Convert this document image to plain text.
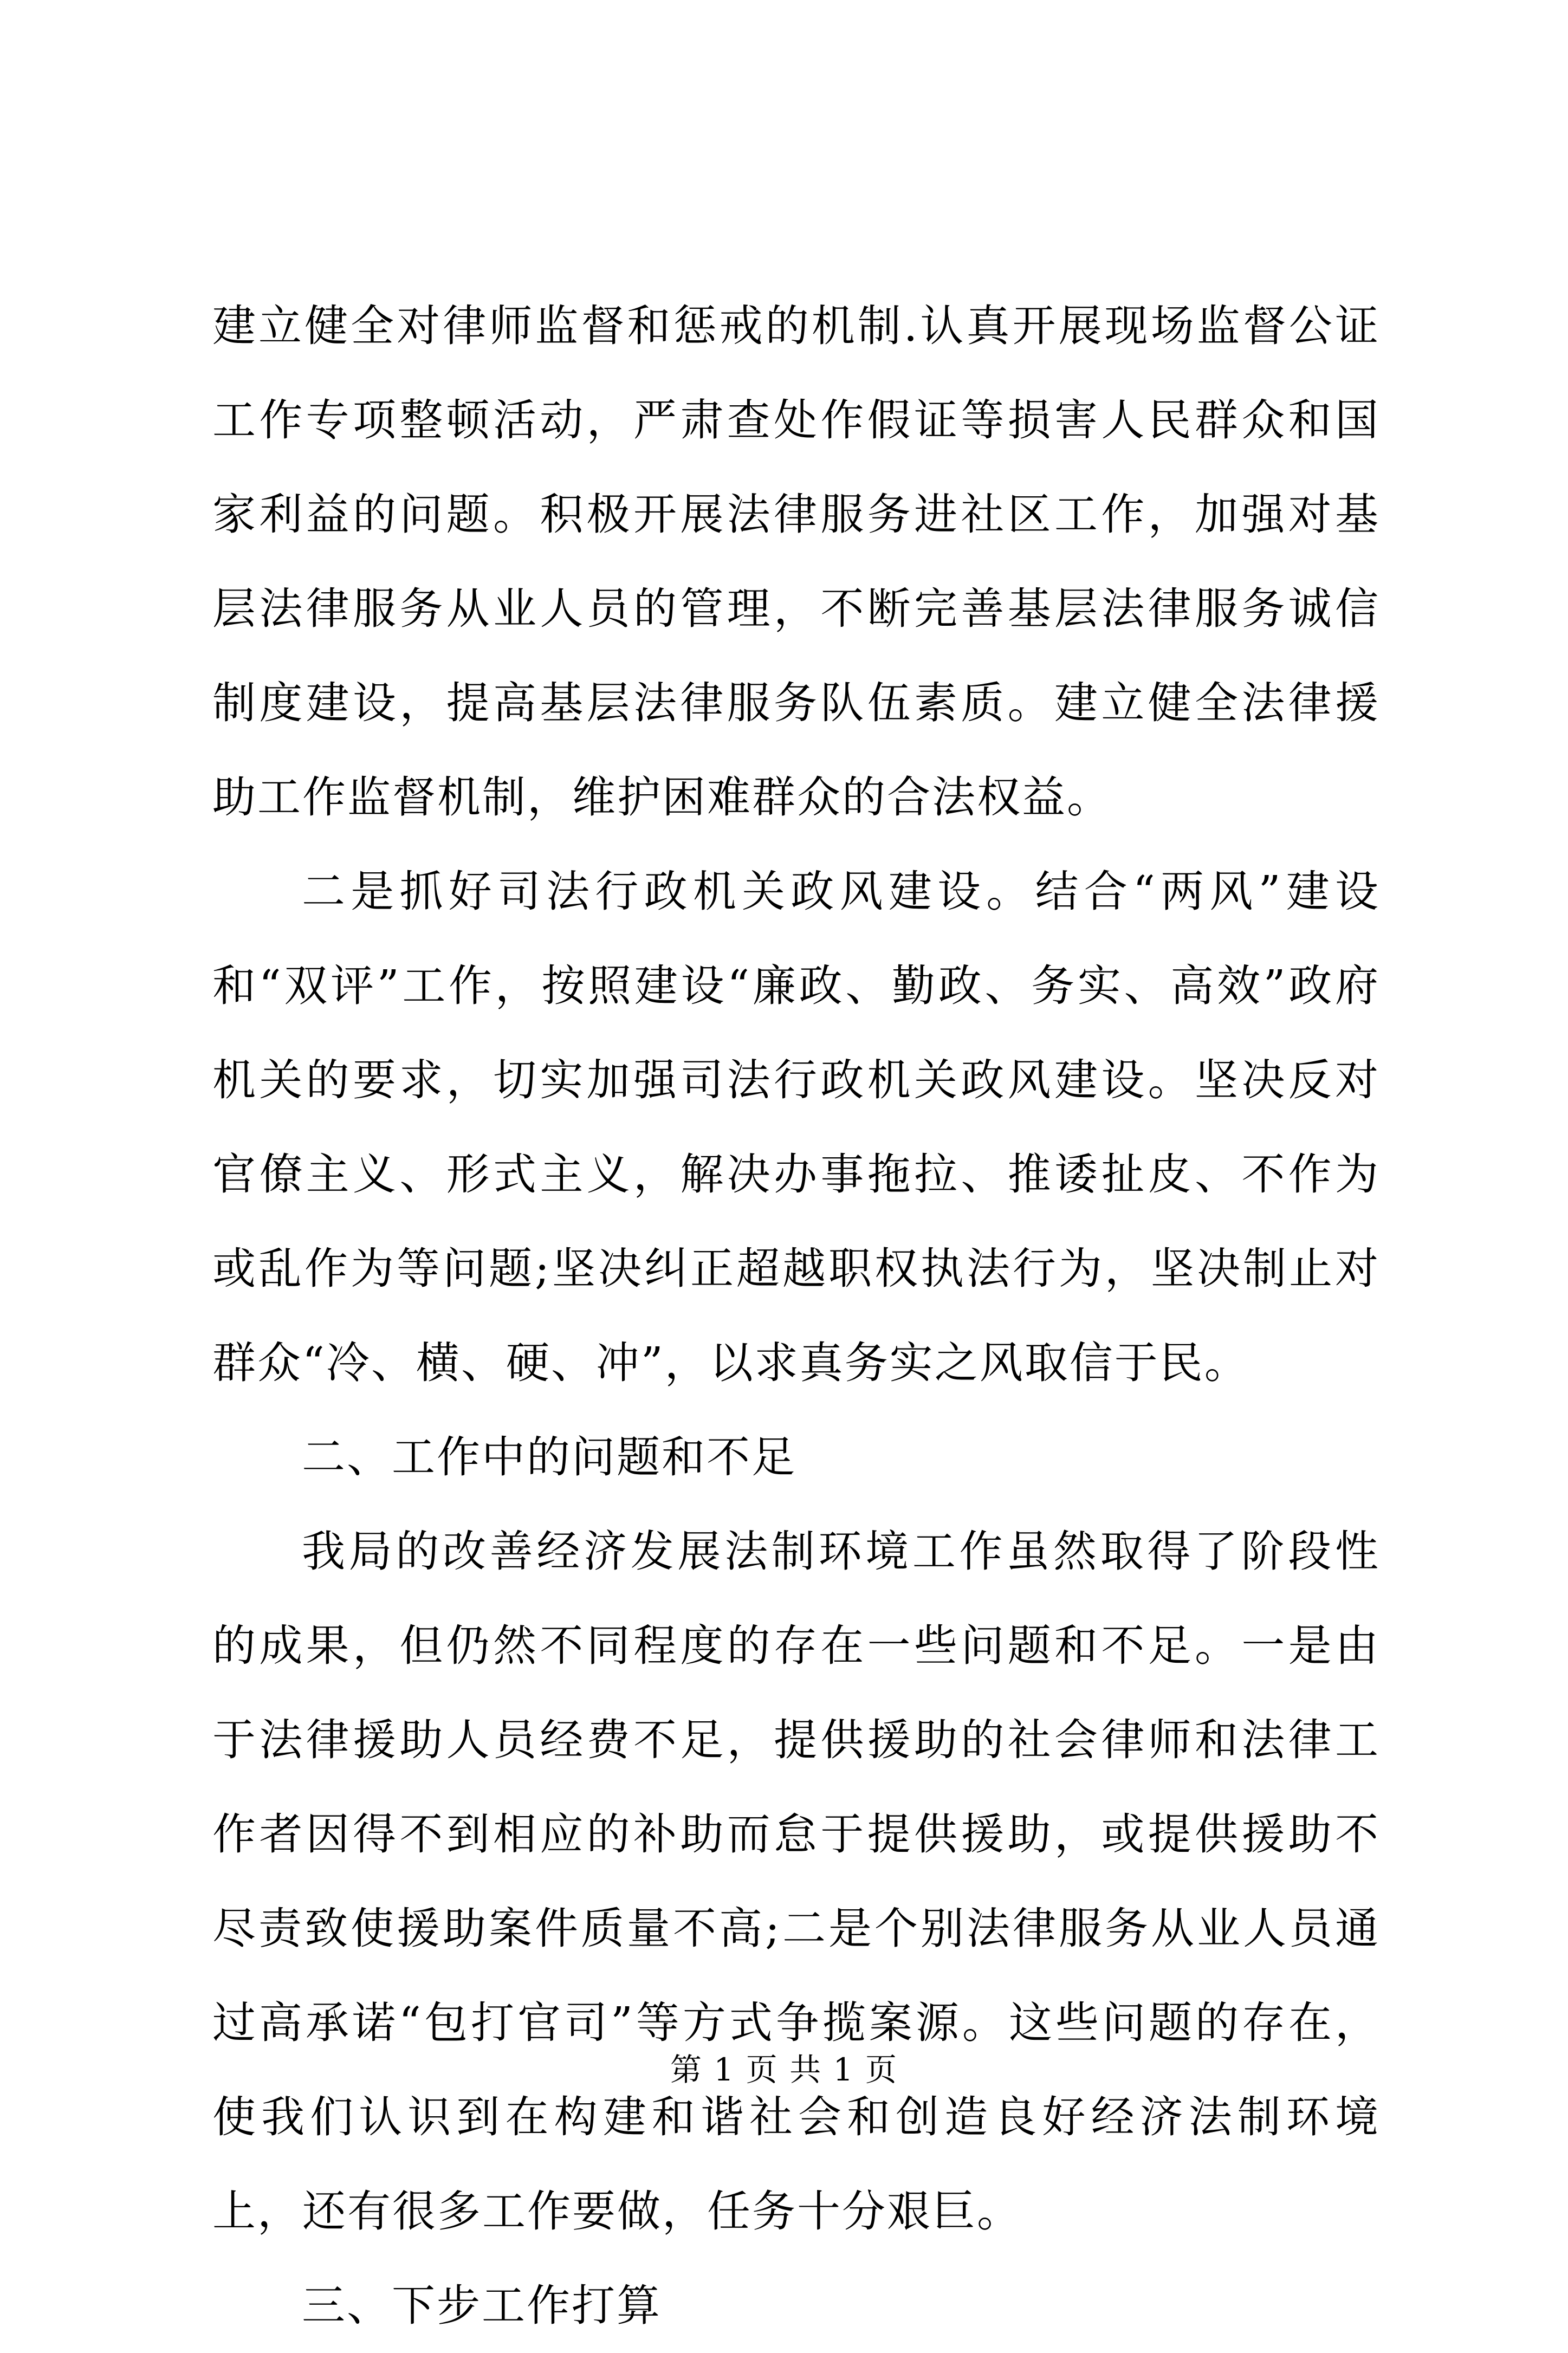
建立健全对律师监督和惩戒的机制.认真开展现场监督公证工作专项整顿活动，严肃查处作假证等损害人民群众和国家利益的问题。积极开展法律服务进社区工作，加强对基层法律服务从业人员的管理，不断完善基层法律服务诚信制度建设，提高基层法律服务队伍素质。建立健全法律援助工作监督机制，维护困难群众的合法权益。

二是抓好司法行政机关政风建设。结合“两风”建设和“双评”工作，按照建设“廉政、勤政、务实、高效”政府机关的要求，切实加强司法行政机关政风建设。坚决反对官僚主义、形式主义，解决办事拖拉、推诿扯皮、不作为或乱作为等问题;坚决纠正超越职权执法行为，坚决制止对群众“冷、横、硬、冲”，以求真务实之风取信于民。

二、工作中的问题和不足

我局的改善经济发展法制环境工作虽然取得了阶段性的成果，但仍然不同程度的存在一些问题和不足。一是由于法律援助人员经费不足，提供援助的社会律师和法律工作者因得不到相应的补助而怠于提供援助，或提供援助不尽责致使援助案件质量不高;二是个别法律服务从业人员通过高承诺“包打官司”等方式争揽案源。这些问题的存在，使我们认识到在构建和谐社会和创造良好经济法制环境上，还有很多工作要做，任务十分艰巨。

三、下步工作打算

第 1 页 共 1 页
